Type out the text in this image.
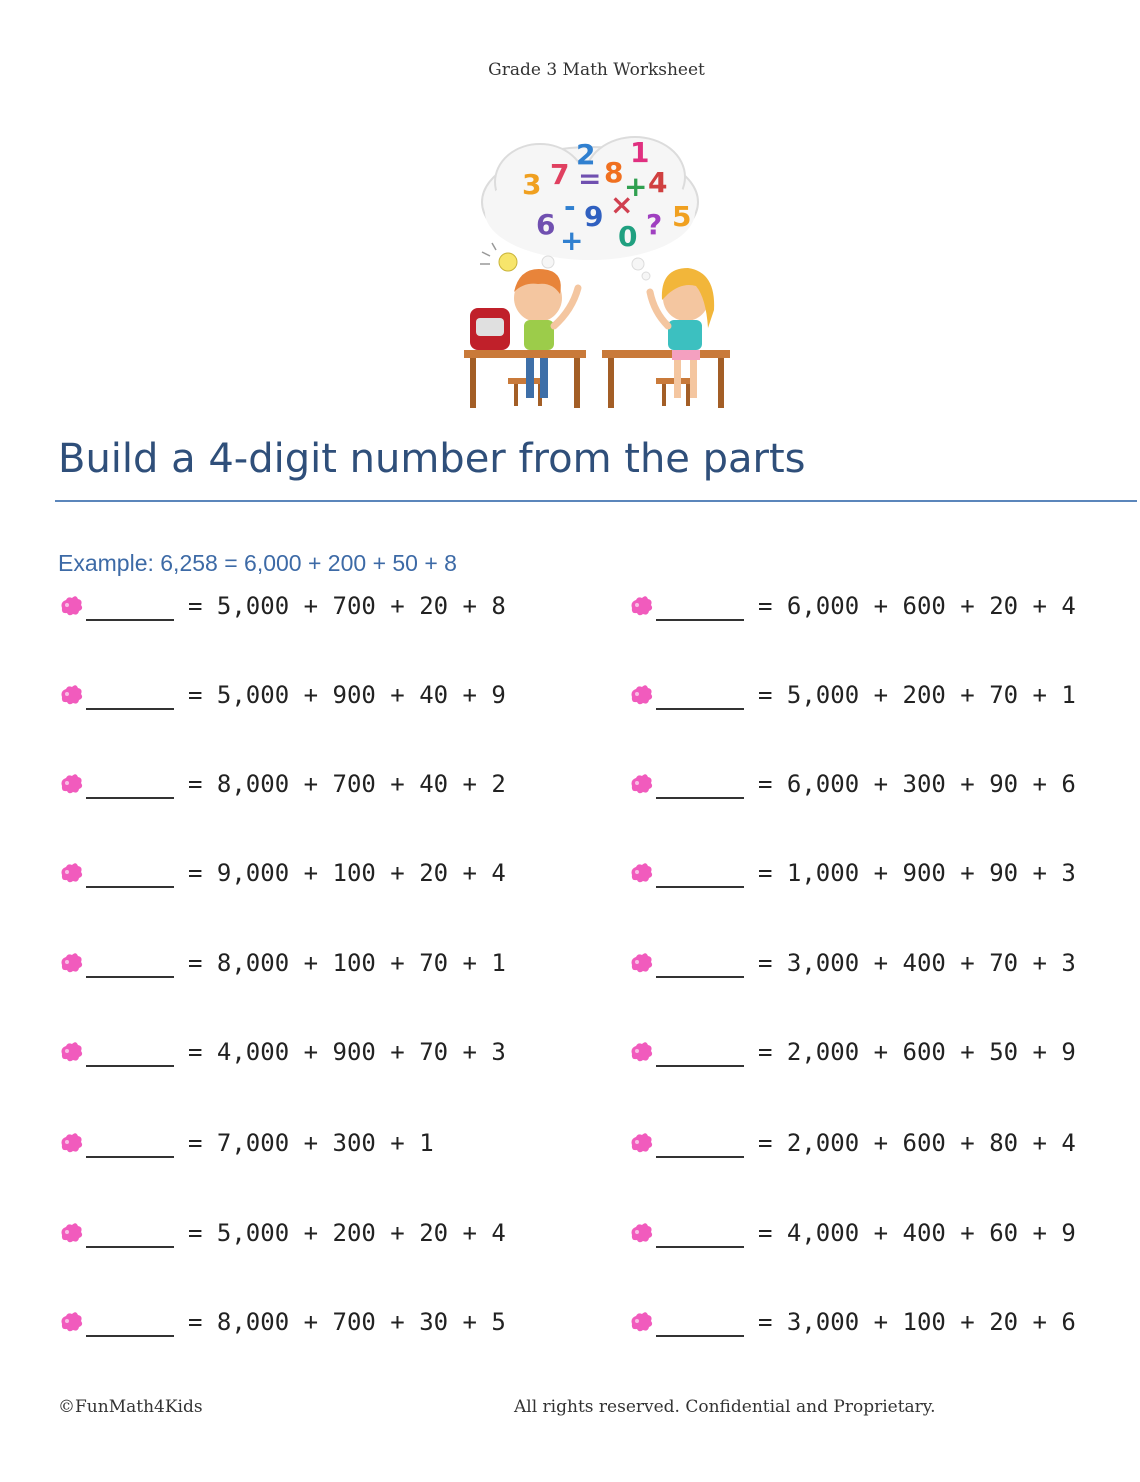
Grade 3 Math Worksheet
3 7
2
= 8
1
+ 4
6
- 9 ×
0 ? 5
+
Build a 4-digit number from the parts
Example: 6,258 = 6,000 + 200 + 50 + 8
= 5,000 + 700 + 20 + 8
= 5,000 + 900 + 40 + 9
= 8,000 + 700 + 40 + 2
= 9,000 + 100 + 20 + 4
= 8,000 + 100 + 70 + 1
= 4,000 + 900 + 70 + 3
= 7,000 + 300 + 1
= 5,000 + 200 + 20 + 4
= 8,000 + 700 + 30 + 5
= 6,000 + 600 + 20 + 4
= 5,000 + 200 + 70 + 1
= 6,000 + 300 + 90 + 6
= 1,000 + 900 + 90 + 3
= 3,000 + 400 + 70 + 3
= 2,000 + 600 + 50 + 9
= 2,000 + 600 + 80 + 4
= 4,000 + 400 + 60 + 9
= 3,000 + 100 + 20 + 6
©FunMath4Kids	All rights reserved. Confidential and Proprietary.
